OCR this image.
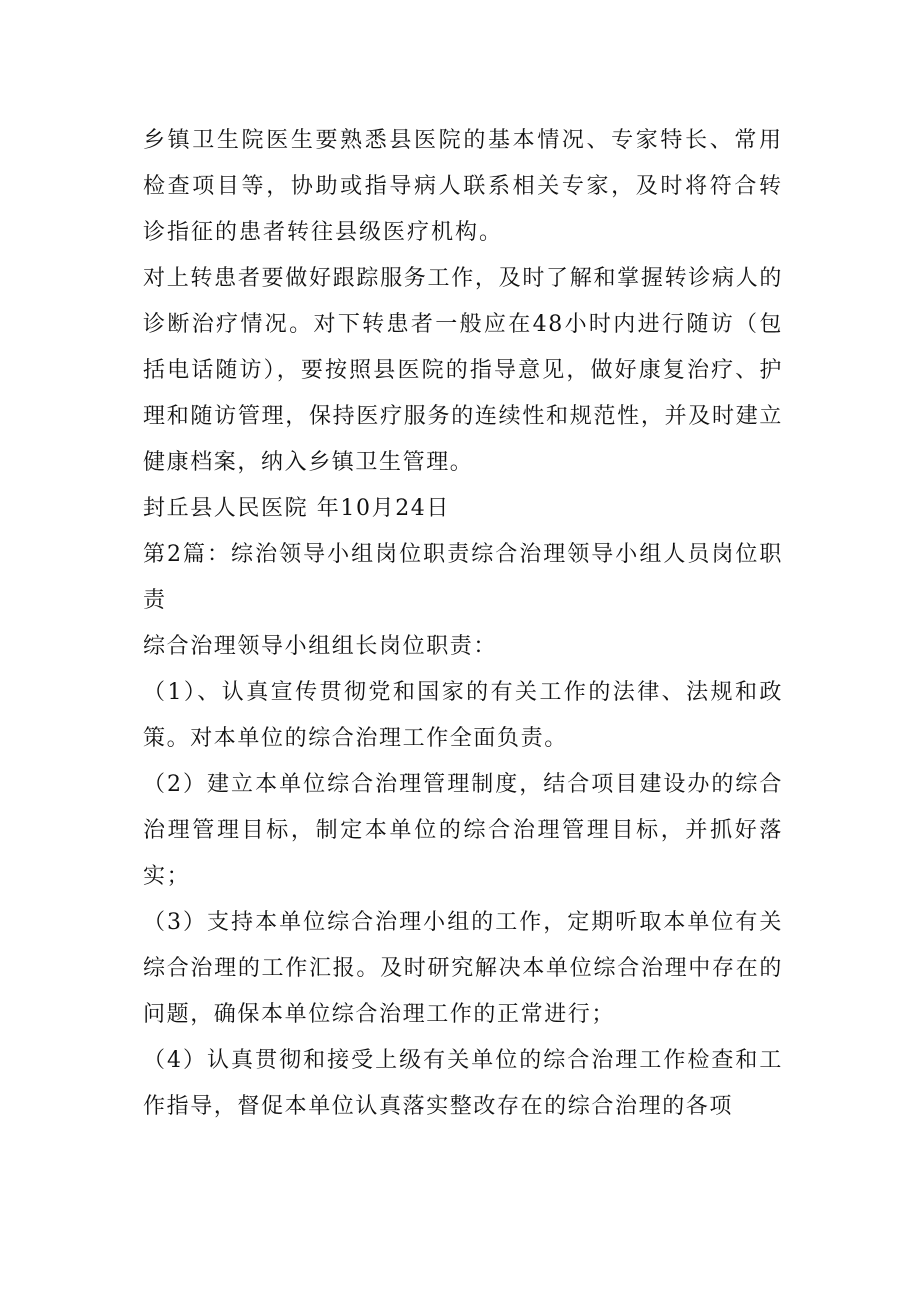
乡镇卫生院医生要熟悉县医院的基本情况、专家特长、常用检查项目等，协助或指导病人联系相关专家，及时将符合转诊指征的患者转往县级医疗机构。

对上转患者要做好跟踪服务工作，及时了解和掌握转诊病人的诊断治疗情况。对下转患者一般应在48小时内进行随访（包括电话随访），要按照县医院的指导意见，做好康复治疗、护理和随访管理，保持医疗服务的连续性和规范性，并及时建立健康档案，纳入乡镇卫生管理。

封丘县人民医院 年10月24日

第2篇：综治领导小组岗位职责综合治理领导小组人员岗位职责

综合治理领导小组组长岗位职责：

（1）、认真宣传贯彻党和国家的有关工作的法律、法规和政策。对本单位的综合治理工作全面负责。

（2）建立本单位综合治理管理制度，结合项目建设办的综合治理管理目标，制定本单位的综合治理管理目标，并抓好落实；

（3）支持本单位综合治理小组的工作，定期听取本单位有关综合治理的工作汇报。及时研究解决本单位综合治理中存在的问题，确保本单位综合治理工作的正常进行；

（4）认真贯彻和接受上级有关单位的综合治理工作检查和工作指导，督促本单位认真落实整改存在的综合治理的各项
